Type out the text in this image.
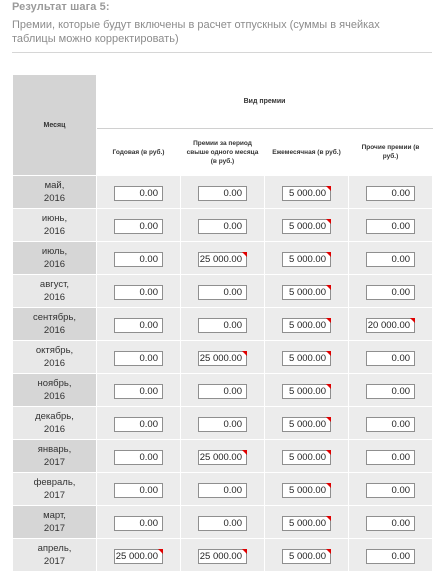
Результат шага 5:
Премии, которые будут включены в расчет отпускных (суммы в ячейках таблицы можно корректировать)
Месяц	Вид премии			
	Годовая (в руб.)	Премии за период свыше одного месяца (в руб.)	Ежемесячная (в руб.)	Прочие премии (в руб.)
май,
2016	0.00	0.00	5 000.00	0.00
июнь,
2016	0.00	0.00	5 000.00	0.00
июль,
2016	0.00	25 000.00	5 000.00	0.00
август,
2016	0.00	0.00	5 000.00	0.00
сентябрь,
2016	0.00	0.00	5 000.00	20 000.00
октябрь,
2016	0.00	25 000.00	5 000.00	0.00
ноябрь,
2016	0.00	0.00	5 000.00	0.00
декабрь,
2016	0.00	0.00	5 000.00	0.00
январь,
2017	0.00	25 000.00	5 000.00	0.00
февраль,
2017	0.00	0.00	5 000.00	0.00
март,
2017	0.00	0.00	5 000.00	0.00
апрель,
2017	25 000.00	25 000.00	5 000.00	0.00
